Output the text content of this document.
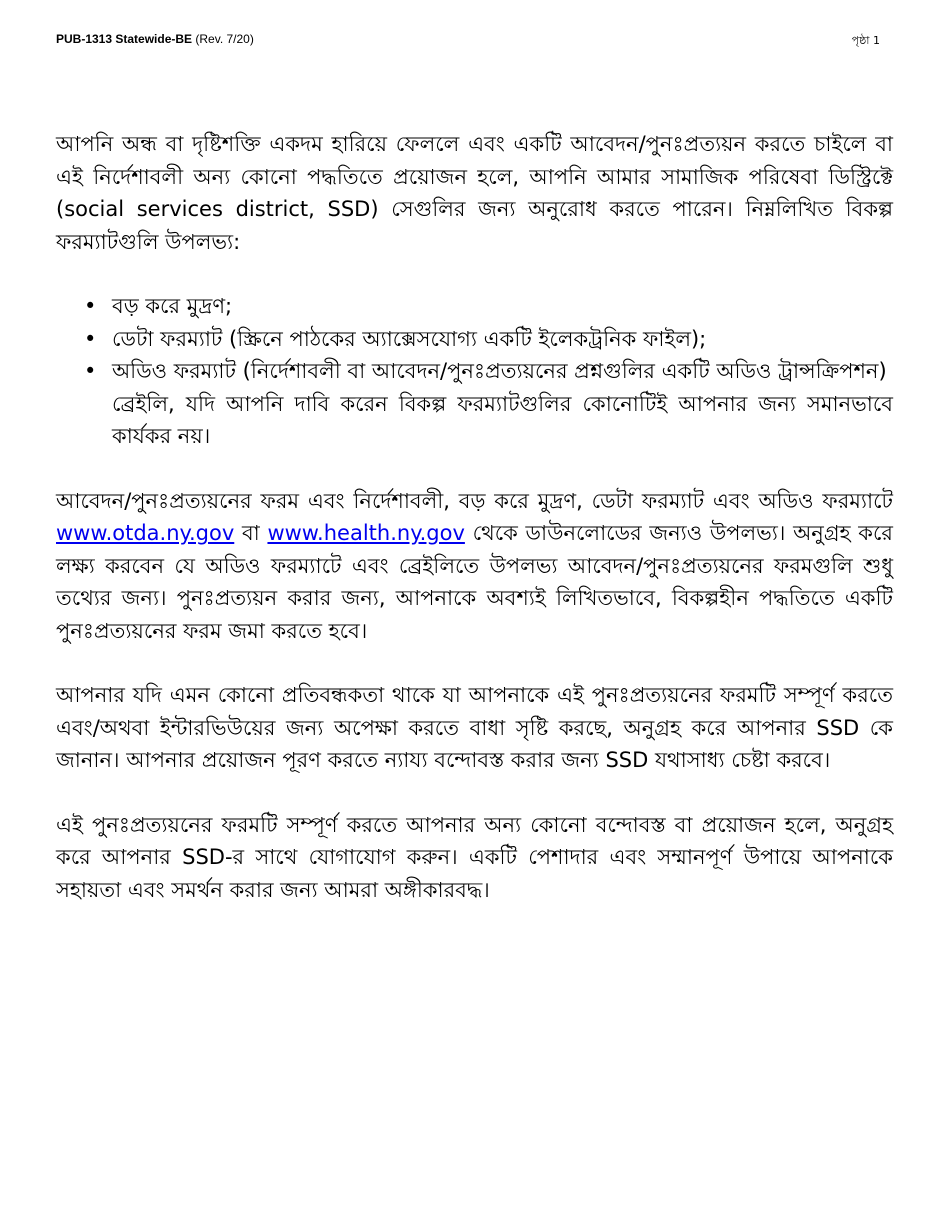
PUB-1313 Statewide-BE (Rev. 7/20)	পৃষ্ঠা 1

আপনি অন্ধ বা দৃষ্টিশক্তি একদম হারিয়ে ফেললে এবং একটি আবেদন/পুনঃপ্রত্যয়ন করতে চাইলে বা এই নির্দেশাবলী অন্য কোনো পদ্ধতিতে প্রয়োজন হলে, আপনি আমার সামাজিক পরিষেবা ডিস্ট্রিক্টে (social services district, SSD) সেগুলির জন্য অনুরোধ করতে পারেন। নিম্নলিখিত বিকল্প ফরম্যাটগুলি উপলভ্য:

• বড় করে মুদ্রণ;
• ডেটা ফরম্যাট (স্ক্রিনে পাঠকের অ্যাক্সেসযোগ্য একটি ইলেকট্রনিক ফাইল);
• অডিও ফরম্যাট (নির্দেশাবলী বা আবেদন/পুনঃপ্রত্যয়নের প্রশ্নগুলির একটি অডিও ট্রান্সক্রিপশন)

ব্রেইলি, যদি আপনি দাবি করেন বিকল্প ফরম্যাটগুলির কোনোটিই আপনার জন্য সমানভাবে কার্যকর নয়।

আবেদন/পুনঃপ্রত্যয়নের ফরম এবং নির্দেশাবলী, বড় করে মুদ্রণ, ডেটা ফরম্যাট এবং অডিও ফরম্যাটে www.otda.ny.gov বা www.health.ny.gov থেকে ডাউনলোডের জন্যও উপলভ্য। অনুগ্রহ করে লক্ষ্য করবেন যে অডিও ফরম্যাটে এবং ব্রেইলিতে উপলভ্য আবেদন/পুনঃপ্রত্যয়নের ফরমগুলি শুধু তথ্যের জন্য। পুনঃপ্রত্যয়ন করার জন্য, আপনাকে অবশ্যই লিখিতভাবে, বিকল্পহীন পদ্ধতিতে একটি পুনঃপ্রত্যয়নের ফরম জমা করতে হবে।

আপনার যদি এমন কোনো প্রতিবন্ধকতা থাকে যা আপনাকে এই পুনঃপ্রত্যয়নের ফরমটি সম্পূর্ণ করতে এবং/অথবা ইন্টারভিউয়ের জন্য অপেক্ষা করতে বাধা সৃষ্টি করছে, অনুগ্রহ করে আপনার SSD কে জানান। আপনার প্রয়োজন পূরণ করতে ন্যায্য বন্দোবস্ত করার জন্য SSD যথাসাধ্য চেষ্টা করবে।

এই পুনঃপ্রত্যয়নের ফরমটি সম্পূর্ণ করতে আপনার অন্য কোনো বন্দোবস্ত বা প্রয়োজন হলে, অনুগ্রহ করে আপনার SSD-র সাথে যোগাযোগ করুন। একটি পেশাদার এবং সম্মানপূর্ণ উপায়ে আপনাকে সহায়তা এবং সমর্থন করার জন্য আমরা অঙ্গীকারবদ্ধ।
